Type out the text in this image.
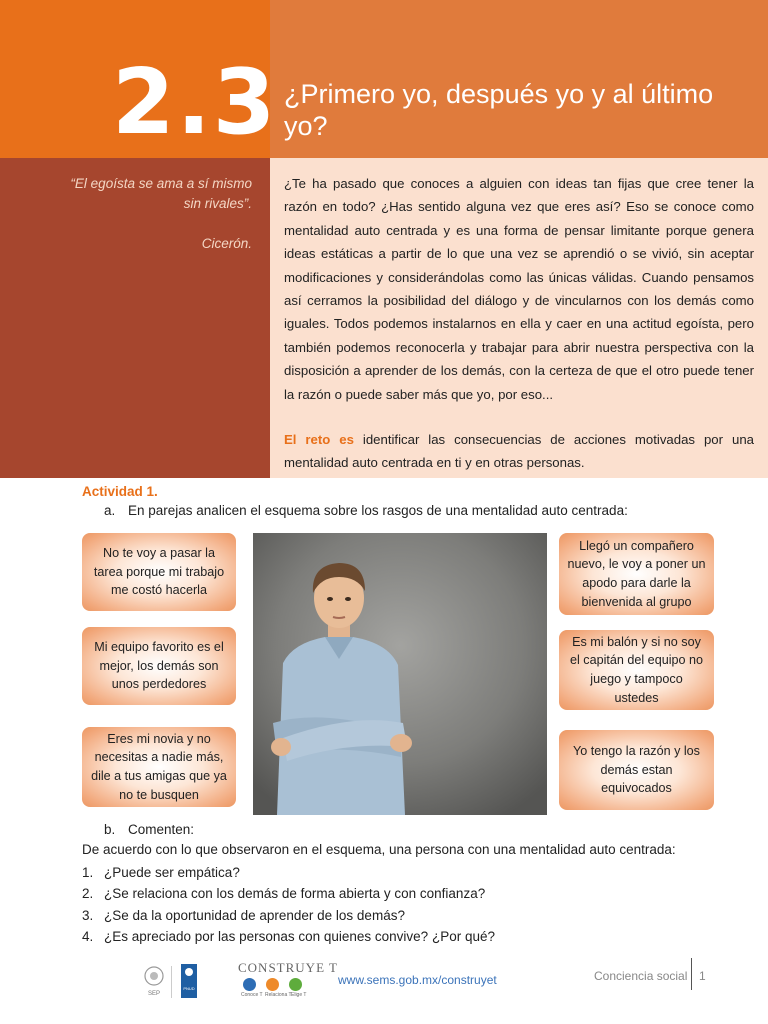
2.3 ¿Primero yo, después yo y al último yo?
“El egoísta se ama a sí mismo sin rivales”.
Cicerón.

¿Te ha pasado que conoces a alguien con ideas tan fijas que cree tener la razón en todo? ¿Has sentido alguna vez que eres así? Eso se conoce como mentalidad auto centrada y es una forma de pensar limitante porque genera ideas estáticas a partir de lo que una vez se aprendió o se vivió, sin aceptar modificaciones y considerándolas como las únicas válidas. Cuando pensamos así cerramos la posibilidad del diálogo y de vincularnos con los demás como iguales. Todos podemos instalarnos en ella y caer en una actitud egoísta, pero también podemos reconocerla y trabajar para abrir nuestra perspectiva con la disposición a aprender de los demás, con la certeza de que el otro puede tener la razón o puede saber más que yo, por eso...

El reto es identificar las consecuencias de acciones motivadas por una mentalidad auto centrada en ti y en otras personas.

Actividad 1.
a. En parejas analicen el esquema sobre los rasgos de una mentalidad auto centrada:
No te voy a pasar la tarea porque mi trabajo me costó hacerla
Mi equipo favorito es el mejor, los demás son unos perdedores
Eres mi novia y no necesitas a nadie más, dile a tus amigas que ya no te busquen
Llegó un compañero nuevo, le voy a poner un apodo para darle la bienvenida al grupo
Es mi balón y si no soy el capitán del equipo no juego y tampoco ustedes
Yo tengo la razón y los demás estan equivocados
b. Comenten:
De acuerdo con lo que observaron en el esquema, una persona con una mentalidad auto centrada:
1. ¿Puede ser empática?
2. ¿Se relaciona con los demás de forma abierta y con confianza?
3. ¿Se da la oportunidad de aprender de los demás?
4. ¿Es apreciado por las personas con quienes convive? ¿Por qué?
SEP
PNUD
CONSTRUYE T
Conoce T Relaciona T Elige T
www.sems.gob.mx/construyet	Conciencia social 1
